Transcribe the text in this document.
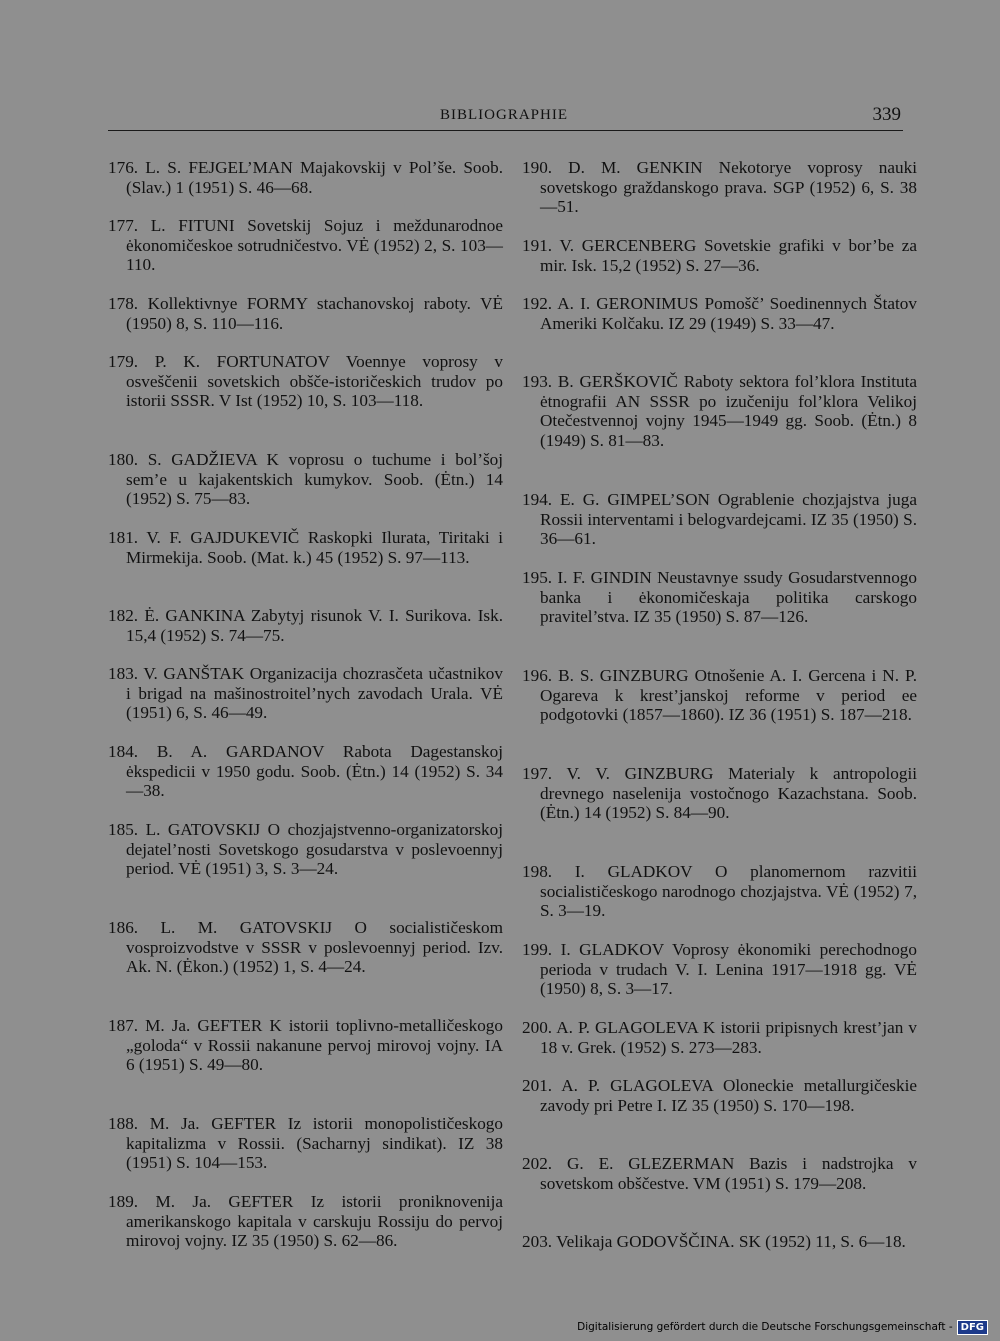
BIBLIOGRAPHIE	339

176. L. S. FEJGEL’MAN Majakovskij v Pol’še. Soob. (Slav.) 1 (1951) S. 46—68.

177. L. FITUNI Sovetskij Sojuz i meždunarodnoe ėkonomičeskoe sotrudničestvo. VĖ (1952) 2, S. 103—110.

178. Kollektivnye FORMY stachanovskoj raboty. VĖ (1950) 8, S. 110—116.

179. P. K. FORTUNATOV Voennye voprosy v osveščenii sovetskich obšče-istoričeskich trudov po istorii SSSR. V Ist (1952) 10, S. 103—118.

180. S. GADŽIEVA K voprosu o tuchume i bol’šoj sem’e u kajakentskich kumykov. Soob. (Ėtn.) 14 (1952) S. 75—83.

181. V. F. GAJDUKEVIČ Raskopki Ilurata, Tiritaki i Mirmekija. Soob. (Mat. k.) 45 (1952) S. 97—113.

182. Ė. GANKINA Zabytyj risunok V. I. Surikova. Isk. 15,4 (1952) S. 74—75.

183. V. GANŠTAK Organizacija chozrasčeta učastnikov i brigad na mašinostroitel’nych zavodach Urala. VĖ (1951) 6, S. 46—49.

184. B. A. GARDANOV Rabota Dagestanskoj ėkspedicii v 1950 godu. Soob. (Ėtn.) 14 (1952) S. 34—38.

185. L. GATOVSKIJ O chozjajstvenno-organizatorskoj dejatel’nosti Sovetskogo gosudarstva v poslevoennyj period. VĖ (1951) 3, S. 3—24.

186. L. M. GATOVSKIJ O socialističeskom vosproizvodstve v SSSR v poslevoennyj period. Izv. Ak. N. (Ėkon.) (1952) 1, S. 4—24.

187. M. Ja. GEFTER K istorii toplivno-metalličeskogo „goloda“ v Rossii nakanune pervoj mirovoj vojny. IA 6 (1951) S. 49—80.

188. M. Ja. GEFTER Iz istorii monopolističeskogo kapitalizma v Rossii. (Sacharnyj sindikat). IZ 38 (1951) S. 104—153.

189. M. Ja. GEFTER Iz istorii proniknovenija amerikanskogo kapitala v carskuju Rossiju do pervoj mirovoj vojny. IZ 35 (1950) S. 62—86.

190. D. M. GENKIN Nekotorye voprosy nauki sovetskogo graždanskogo prava. SGP (1952) 6, S. 38—51.

191. V. GERCENBERG Sovetskie grafiki v bor’be za mir. Isk. 15,2 (1952) S. 27—36.

192. A. I. GERONIMUS Pomošč’ Soedinennych Štatov Ameriki Kolčaku. IZ 29 (1949) S. 33—47.

193. B. GERŠKOVIČ Raboty sektora fol’klora Instituta ėtnografii AN SSSR po izučeniju fol’klora Velikoj Otečestvennoj vojny 1945—1949 gg. Soob. (Ėtn.) 8 (1949) S. 81—83.

194. E. G. GIMPEL’SON Ograblenie chozjajstva juga Rossii interventami i belogvardejcami. IZ 35 (1950) S. 36—61.

195. I. F. GINDIN Neustavnye ssudy Gosudarstvennogo banka i ėkonomičeskaja politika carskogo pravitel’stva. IZ 35 (1950) S. 87—126.

196. B. S. GINZBURG Otnošenie A. I. Gercena i N. P. Ogareva k krest’janskoj reforme v period ee podgotovki (1857—1860). IZ 36 (1951) S. 187—218.

197. V. V. GINZBURG Materialy k antropologii drevnego naselenija vostočnogo Kazachstana. Soob. (Ėtn.) 14 (1952) S. 84—90.

198. I. GLADKOV O planomernom razvitii socialističeskogo narodnogo chozjajstva. VĖ (1952) 7, S. 3—19.

199. I. GLADKOV Voprosy ėkonomiki perechodnogo perioda v trudach V. I. Lenina 1917—1918 gg. VĖ (1950) 8, S. 3—17.

200. A. P. GLAGOLEVA K istorii pripisnych krest’jan v 18 v. Grek. (1952) S. 273—283.

201. A. P. GLAGOLEVA Oloneckie metallurgičeskie zavody pri Petre I. IZ 35 (1950) S. 170—198.

202. G. E. GLEZERMAN Bazis i nadstrojka v sovetskom obščestve. VM (1951) S. 179—208.

203. Velikaja GODOVŠČINA. SK (1952) 11, S. 6—18.

Digitalisierung gefördert durch die Deutsche Forschungsgemeinschaft - DFG
